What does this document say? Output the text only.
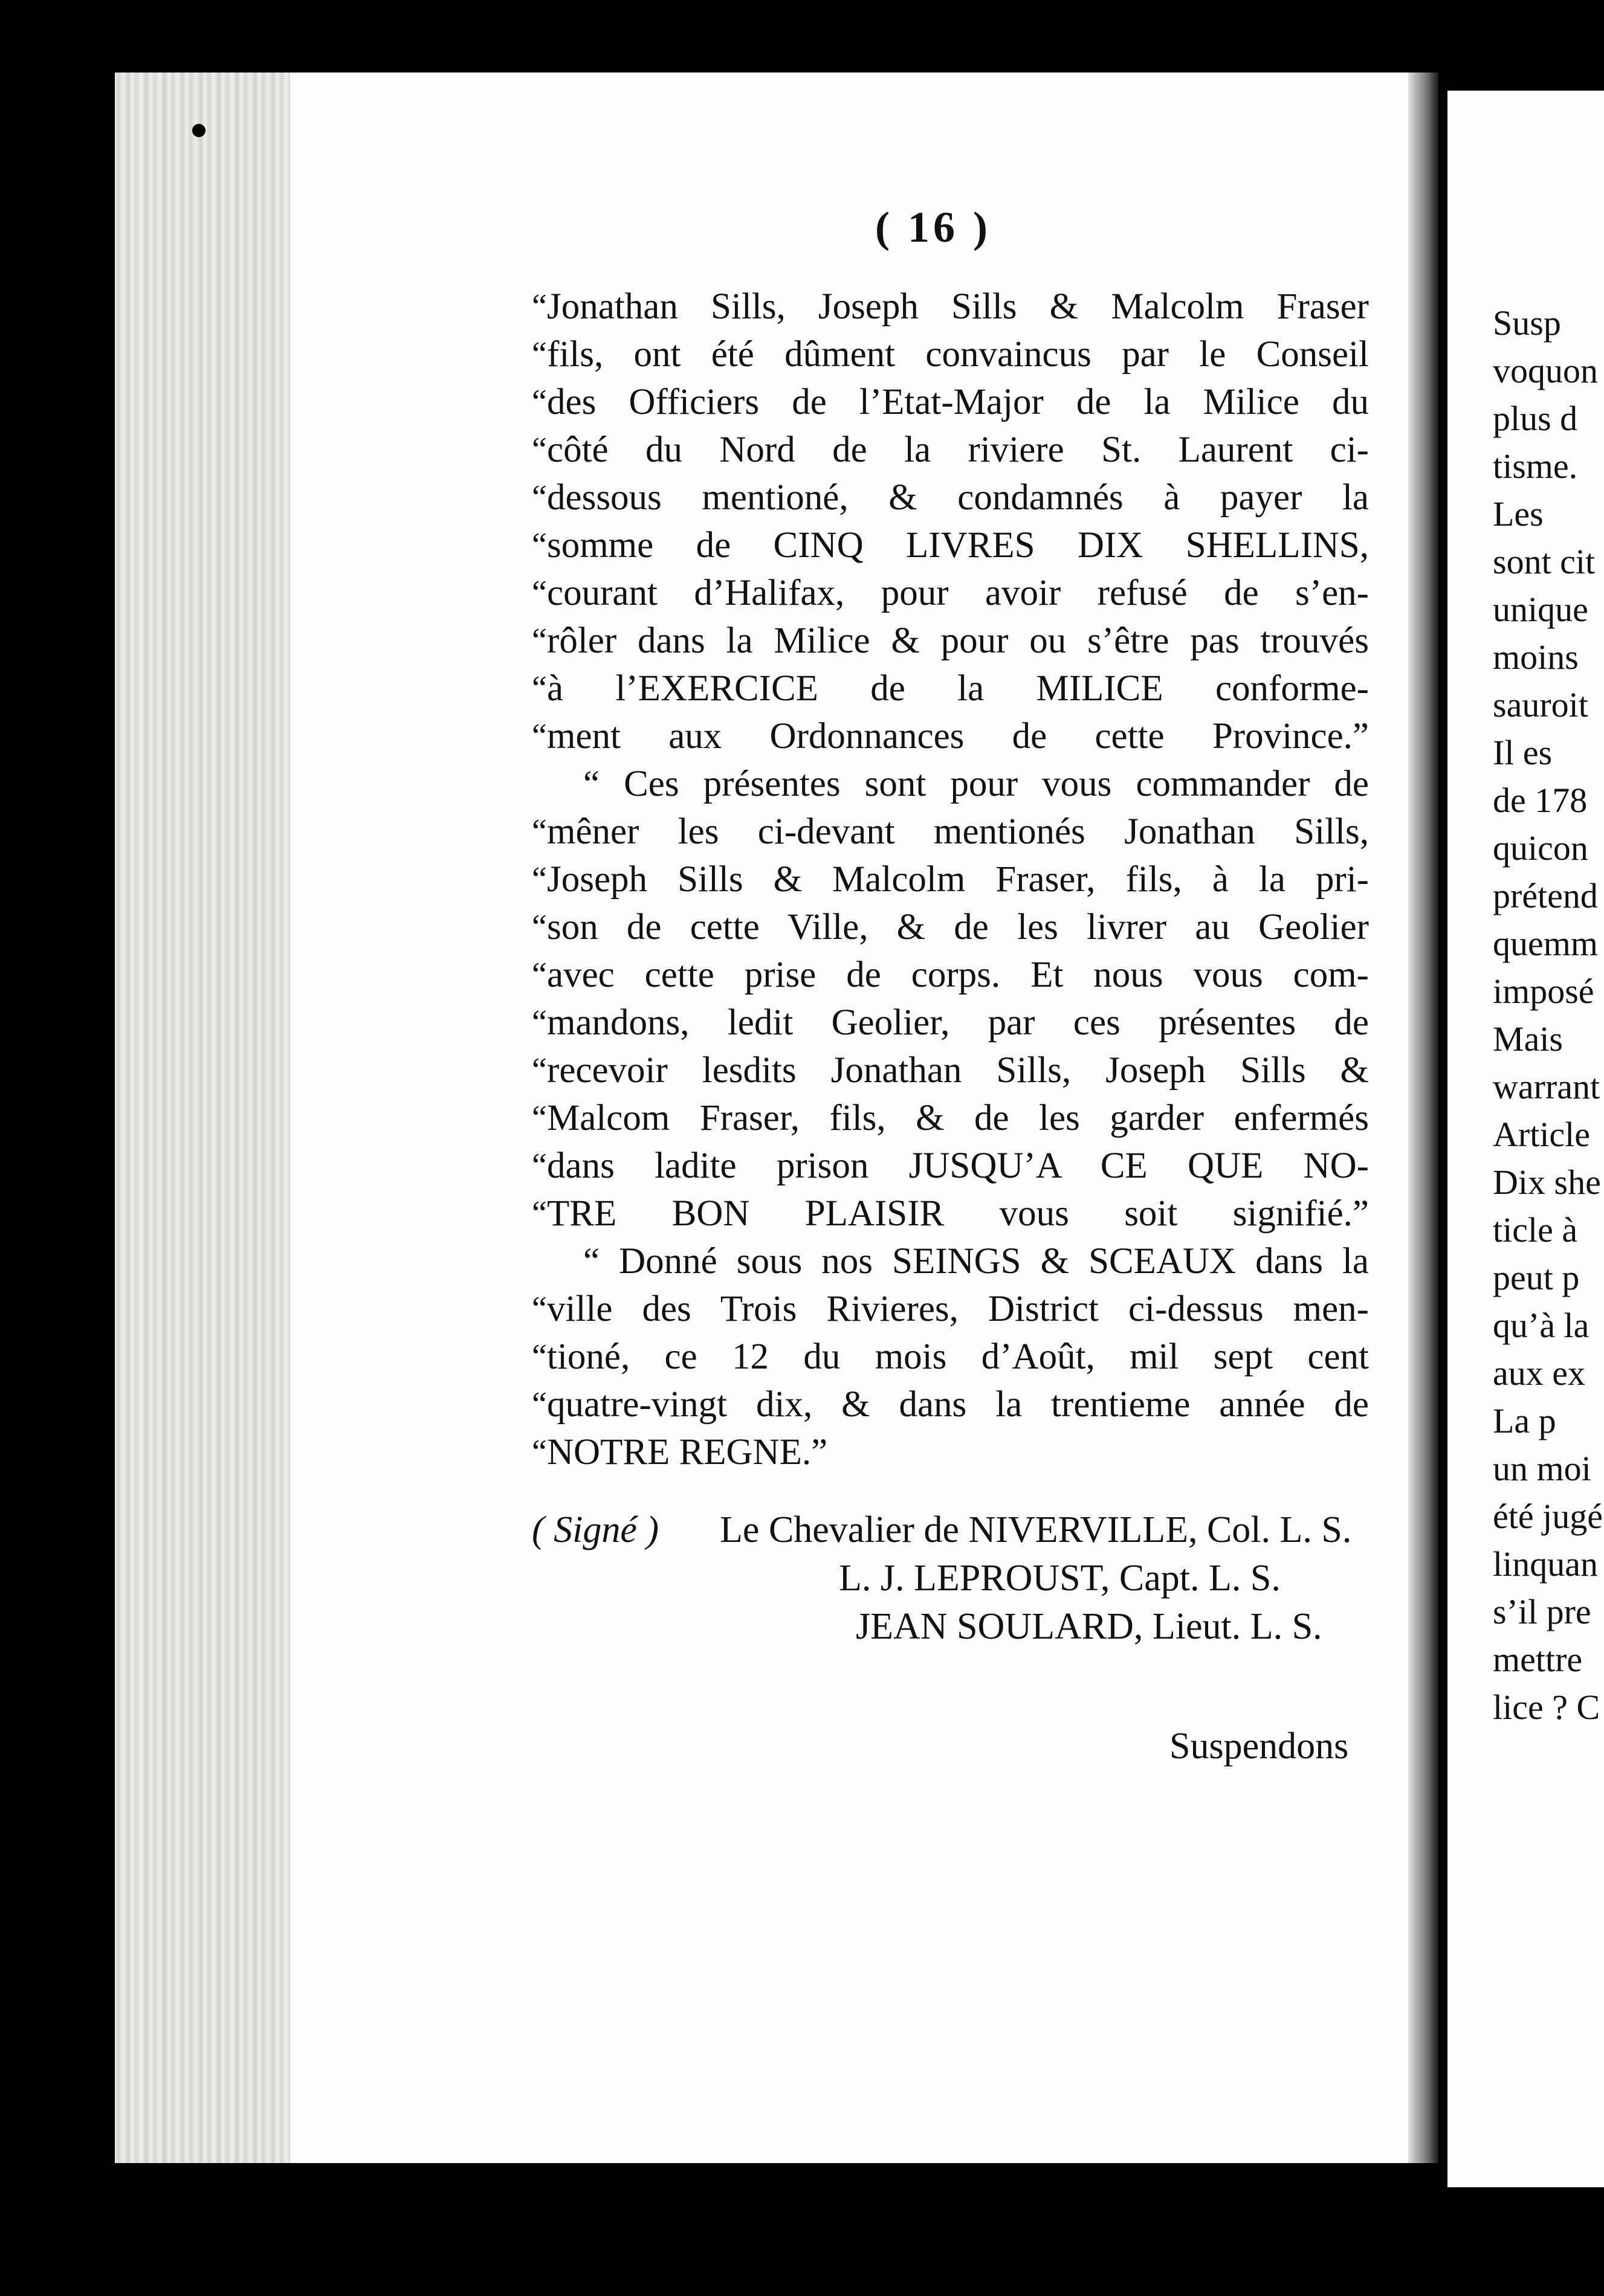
( 16 )
“ Jonathan Sills, Joseph Sills & Malcolm Fraser
“ fils, ont été dûment convaincus par le Conseil
“ des Officiers de l’Etat-Major de la Milice du
“ côté du Nord de la riviere St. Laurent ci-
“ dessous mentioné, & condamnés à payer la
“ somme de CINQ LIVRES DIX SHELLINS,
“ courant d’Halifax, pour avoir refusé de s’en-
“ rôler dans la Milice & pour ou s’être pas trouvés
“ à l’EXERCICE de la MILICE conforme-
“ ment aux Ordonnances de cette Province.”
“ Ces présentes sont pour vous commander de
“ mêner les ci-devant mentionés Jonathan Sills,
“ Joseph Sills & Malcolm Fraser, fils, à la pri-
“ son de cette Ville, & de les livrer au Geolier
“ avec cette prise de corps. Et nous vous com-
“ mandons, ledit Geolier, par ces présentes de
“ recevoir lesdits Jonathan Sills, Joseph Sills &
“ Malcom Fraser, fils, & de les garder enfermés
“ dans ladite prison JUSQU’A CE QUE NO-
“ TRE BON PLAISIR vous soit signifié.”
“ Donné sous nos SEINGS & SCEAUX dans la
“ ville des Trois Rivieres, District ci-dessus men-
“ tioné, ce 12 du mois d’Août, mil sept cent
“ quatre-vingt dix, & dans la trentieme année de
“ NOTRE REGNE.”
( Signé ) Le Chevalier de NIVERVILLE, Col. L. S.
L. J. LEPROUST, Capt. L. S.
JEAN SOULARD, Lieut. L. S.
Suspendons
Susp
voquon
plus d
tisme.
Les
sont cit
unique
moins
sauroit
Il es
de 178
quicon
prétend
quemm
imposé
Mais
warrant
Article
Dix she
ticle à
peut p
qu’à la
aux ex
La p
un moi
été jugé
linquan
s’il pre
mettre
lice ? C
